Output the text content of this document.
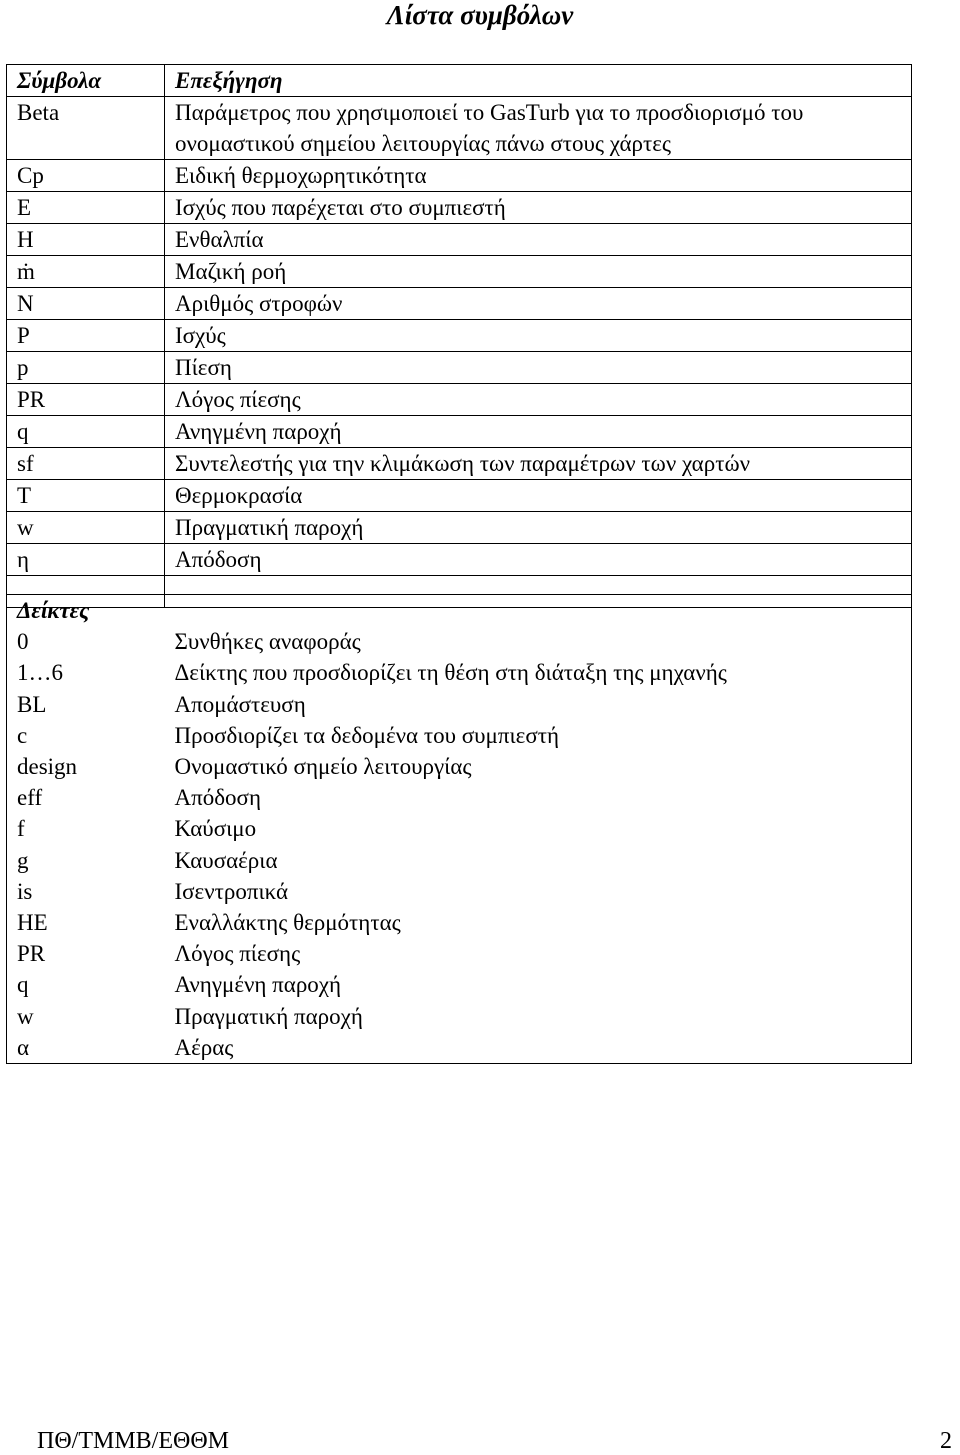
Λίστα συμβόλων
Σύμβολα	Επεξήγηση
Beta	Παράμετρος που χρησιμοποιεί το GasTurb για το προσδιορισμό του ονομαστικού σημείου λειτουργίας πάνω στους χάρτες
Cp	Ειδική θερμοχωρητικότητα
E	Ισχύς που παρέχεται στο συμπιεστή
H	Ενθαλπία
ṁ	Μαζική ροή
N	Αριθμός στροφών
P	Ισχύς
p	Πίεση
PR	Λόγος πίεσης
q	Ανηγμένη παροχή
sf	Συντελεστής για την κλιμάκωση των παραμέτρων των χαρτών
T	Θερμοκρασία
w	Πραγματική παροχή
η	Απόδοση

Δείκτες	
0	Συνθήκες αναφοράς
1…6	Δείκτης που προσδιορίζει τη θέση στη διάταξη της μηχανής
BL	Απομάστευση
c	Προσδιορίζει τα δεδομένα του συμπιεστή
design	Ονομαστικό σημείο λειτουργίας
eff	Απόδοση
f	Καύσιμο
g	Καυσαέρια
is	Ισεντροπικά
HE	Εναλλάκτης θερμότητας
PR	Λόγος πίεσης
q	Ανηγμένη παροχή
w	Πραγματική παροχή
α	Αέρας
ΠΘ/ΤΜΜΒ/ΕΘΘΜ	2
